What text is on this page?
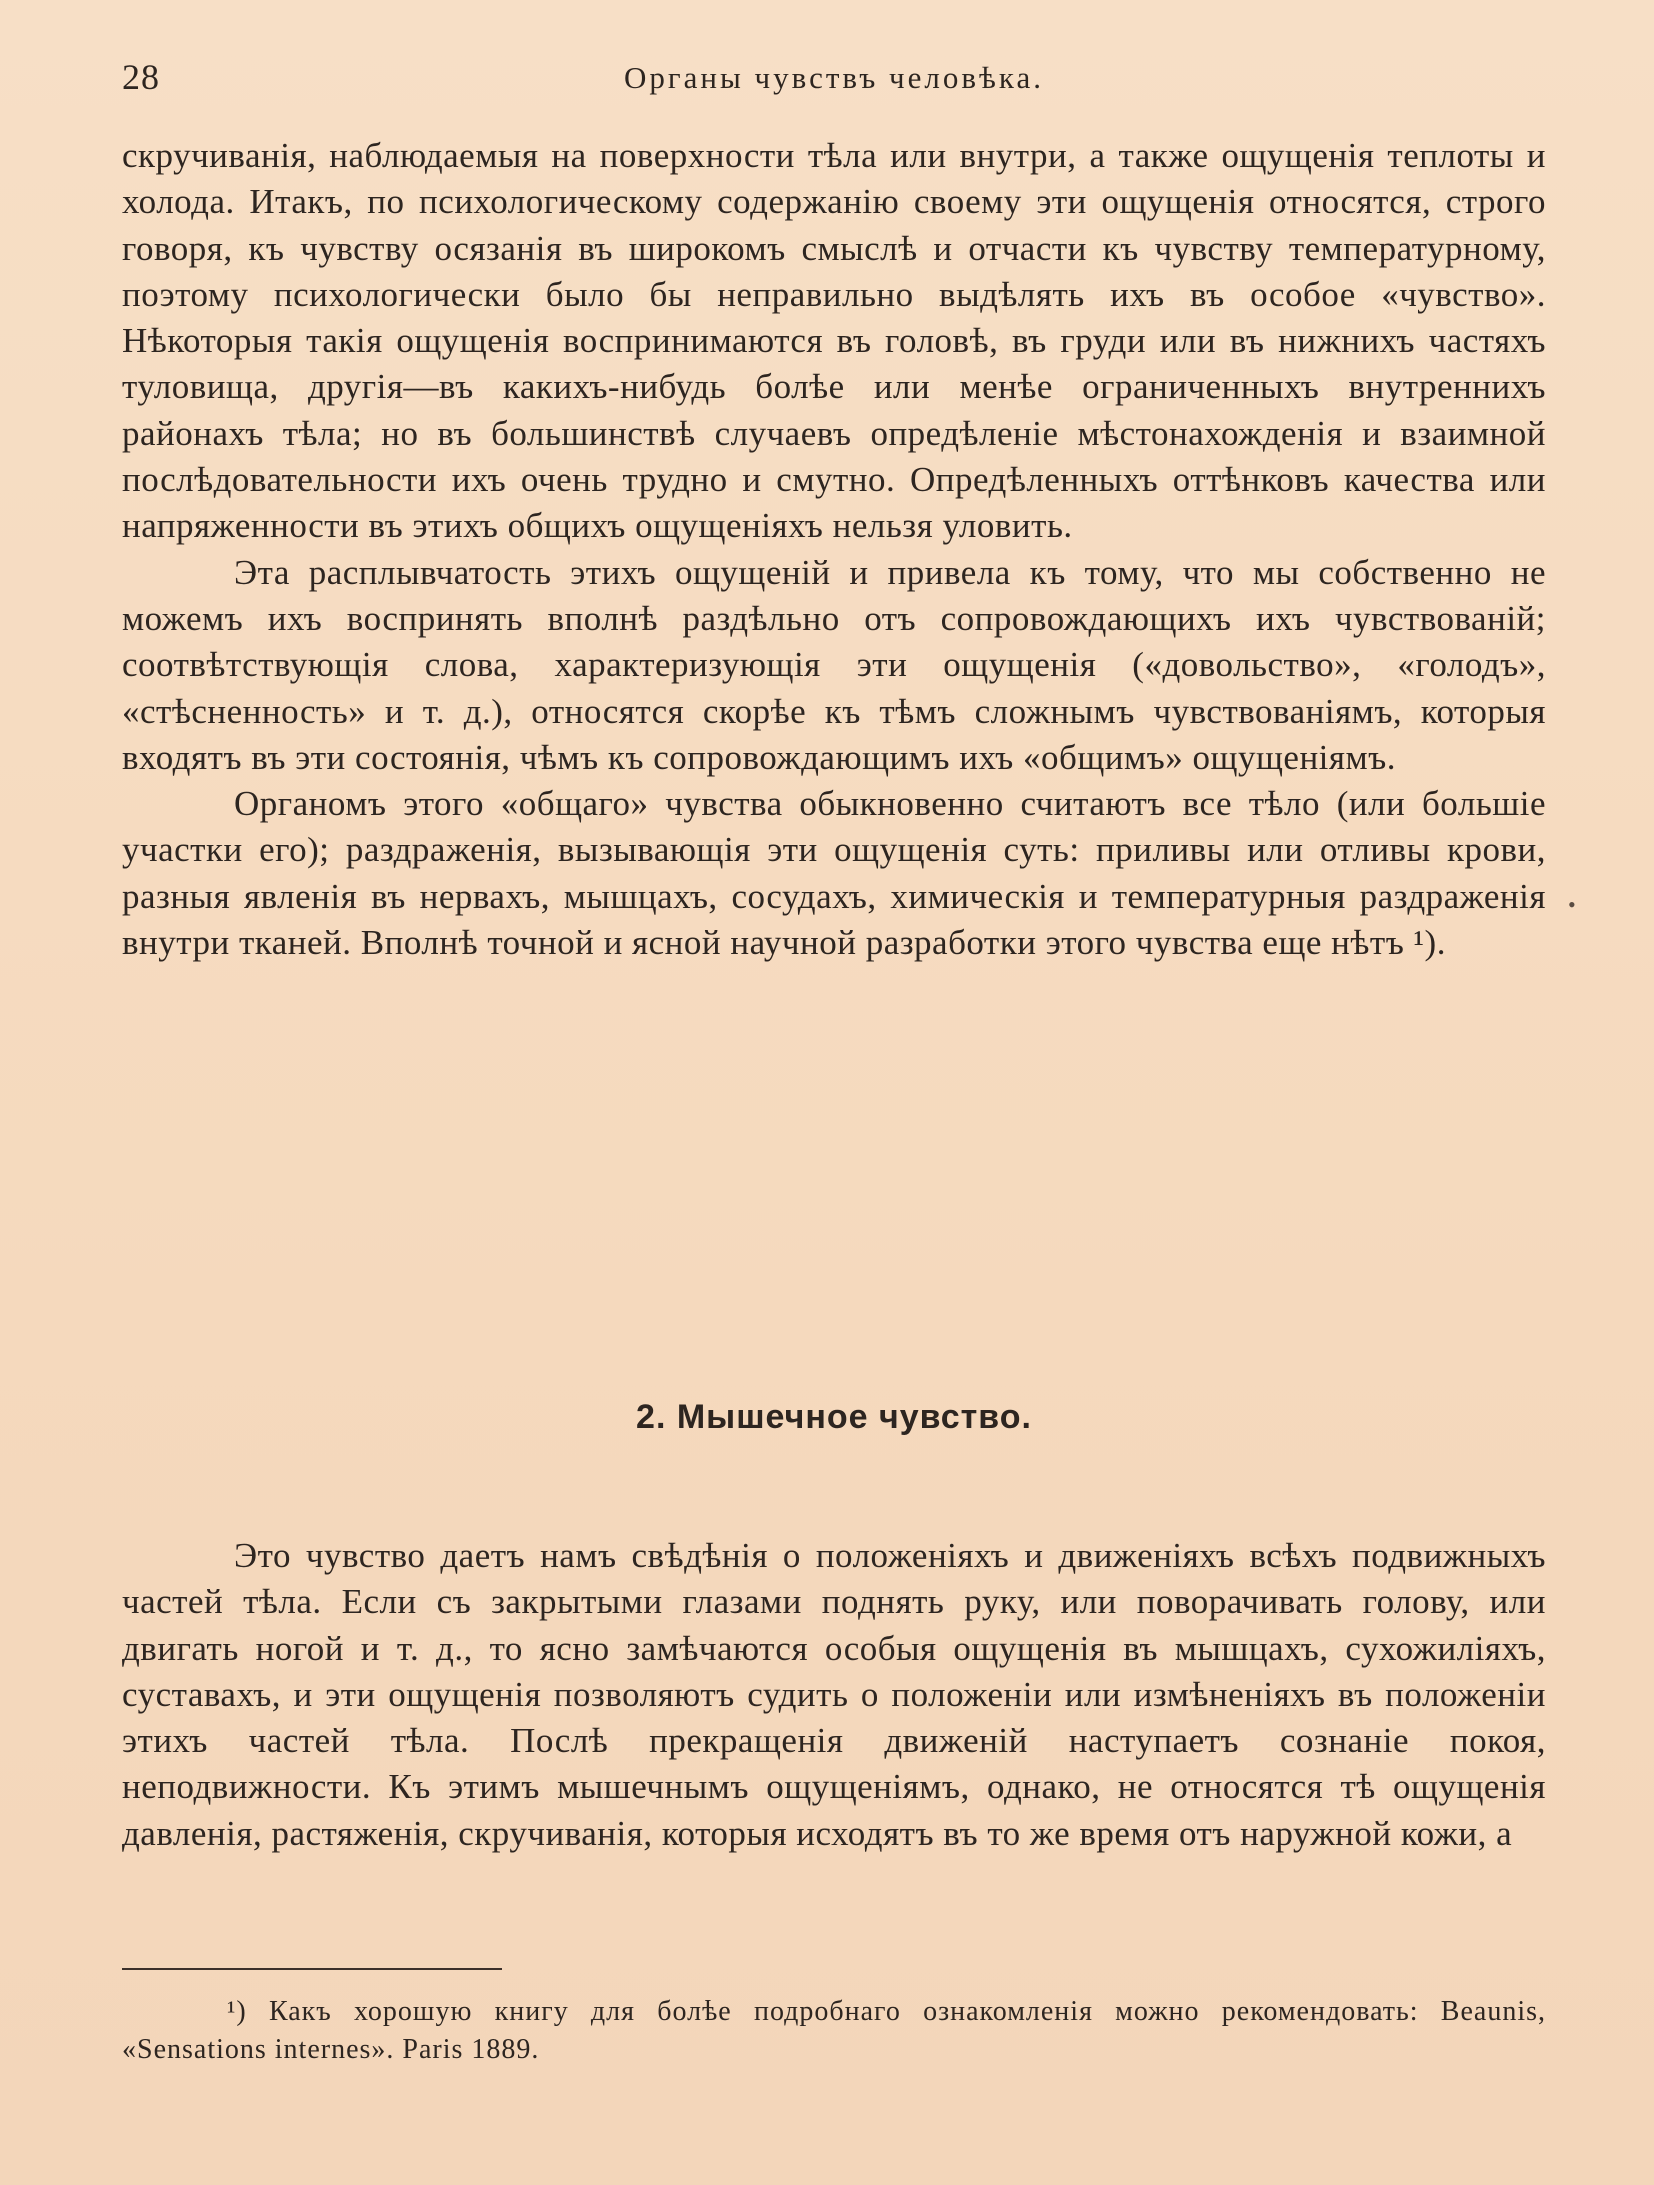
28	Органы чувствъ человѣка.

скручиванія, наблюдаемыя на поверхности тѣла или внутри, а также ощущенія теплоты и холода. Итакъ, по психологическому содержанію своему эти ощущенія относятся, строго говоря, къ чувству осязанія въ широкомъ смыслѣ и отчасти къ чувству температурному, поэтому психологически было бы неправильно выдѣлять ихъ въ особое «чувство». Нѣкоторыя такія ощущенія воспринимаются въ головѣ, въ груди или въ нижнихъ частяхъ туловища, другія—въ какихъ-нибудь болѣе или менѣе ограниченныхъ внутреннихъ районахъ тѣла; но въ большинствѣ случаевъ опредѣленіе мѣстонахожденія и взаимной послѣдовательности ихъ очень трудно и смутно. Опредѣленныхъ оттѣнковъ качества или напряженности въ этихъ общихъ ощущеніяхъ нельзя уловить.

Эта расплывчатость этихъ ощущеній и привела къ тому, что мы собственно не можемъ ихъ воспринять вполнѣ раздѣльно отъ сопровождающихъ ихъ чувствованій; соотвѣтствующія слова, характеризующія эти ощущенія («довольство», «голодъ», «стѣсненность» и т. д.), относятся скорѣе къ тѣмъ сложнымъ чувствованіямъ, которыя входятъ въ эти состоянія, чѣмъ къ сопровождающимъ ихъ «общимъ» ощущеніямъ.

Органомъ этого «общаго» чувства обыкновенно считаютъ все тѣло (или большіе участки его); раздраженія, вызывающія эти ощущенія суть: приливы или отливы крови, разныя явленія въ нервахъ, мышцахъ, сосудахъ, химическія и температурныя раздраженія внутри тканей. Вполнѣ точной и ясной научной разработки этого чувства еще нѣтъ ¹).

2. Мышечное чувство.

Это чувство даетъ намъ свѣдѣнія о положеніяхъ и движеніяхъ всѣхъ подвижныхъ частей тѣла. Если съ закрытыми глазами поднять руку, или поворачивать голову, или двигать ногой и т. д., то ясно замѣчаются особыя ощущенія въ мышцахъ, сухожиліяхъ, суставахъ, и эти ощущенія позволяютъ судить о положеніи или измѣненіяхъ въ положеніи этихъ частей тѣла. Послѣ прекращенія движеній наступаетъ сознаніе покоя, неподвижности. Къ этимъ мышечнымъ ощущеніямъ, однако, не относятся тѣ ощущенія давленія, растяженія, скручиванія, которыя исходятъ въ то же время отъ наружной кожи, а

¹) Какъ хорошую книгу для болѣе подробнаго ознакомленія можно рекомендовать: Beaunis, «Sensations internes». Paris 1889.

•
